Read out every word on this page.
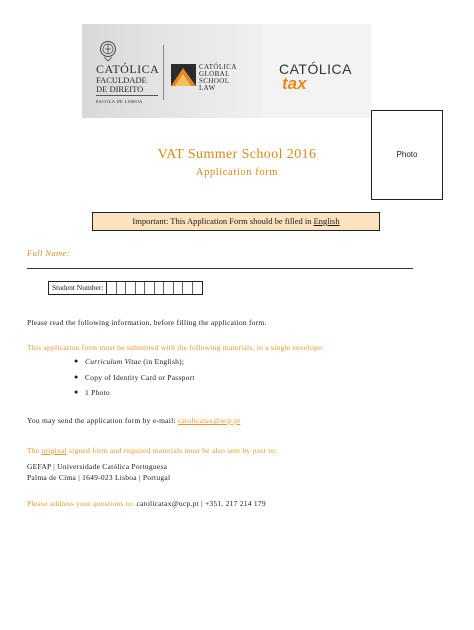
CATÓLICA
FACULDADE
DE DIREITO
ESCOLA DE LISBOA
CATÓLICA
GLOBAL
SCHOOL
LAW
CATÓLICA
tax
Photo
VAT Summer School 2016
Application form
Important: This Application Form should be filled in English
Full Name:
Student Number:
Please read the following information, before filling the application form.
This application form must be submitted with the following materials, in a single envelope:
● Curriculum Vitae (in English);
● Copy of Identity Card or Passport
● 1 Photo
You may send the application form by e-mail: catolicatax@ucp.pt
The original signed form and required materials must be also sent by post to:
GEFAP | Universidade Católica Portuguesa
Palma de Cima | 1649-023 Lisboa | Portugal
Please address your questions to: catolicatax@ucp.pt | +351. 217 214 179
